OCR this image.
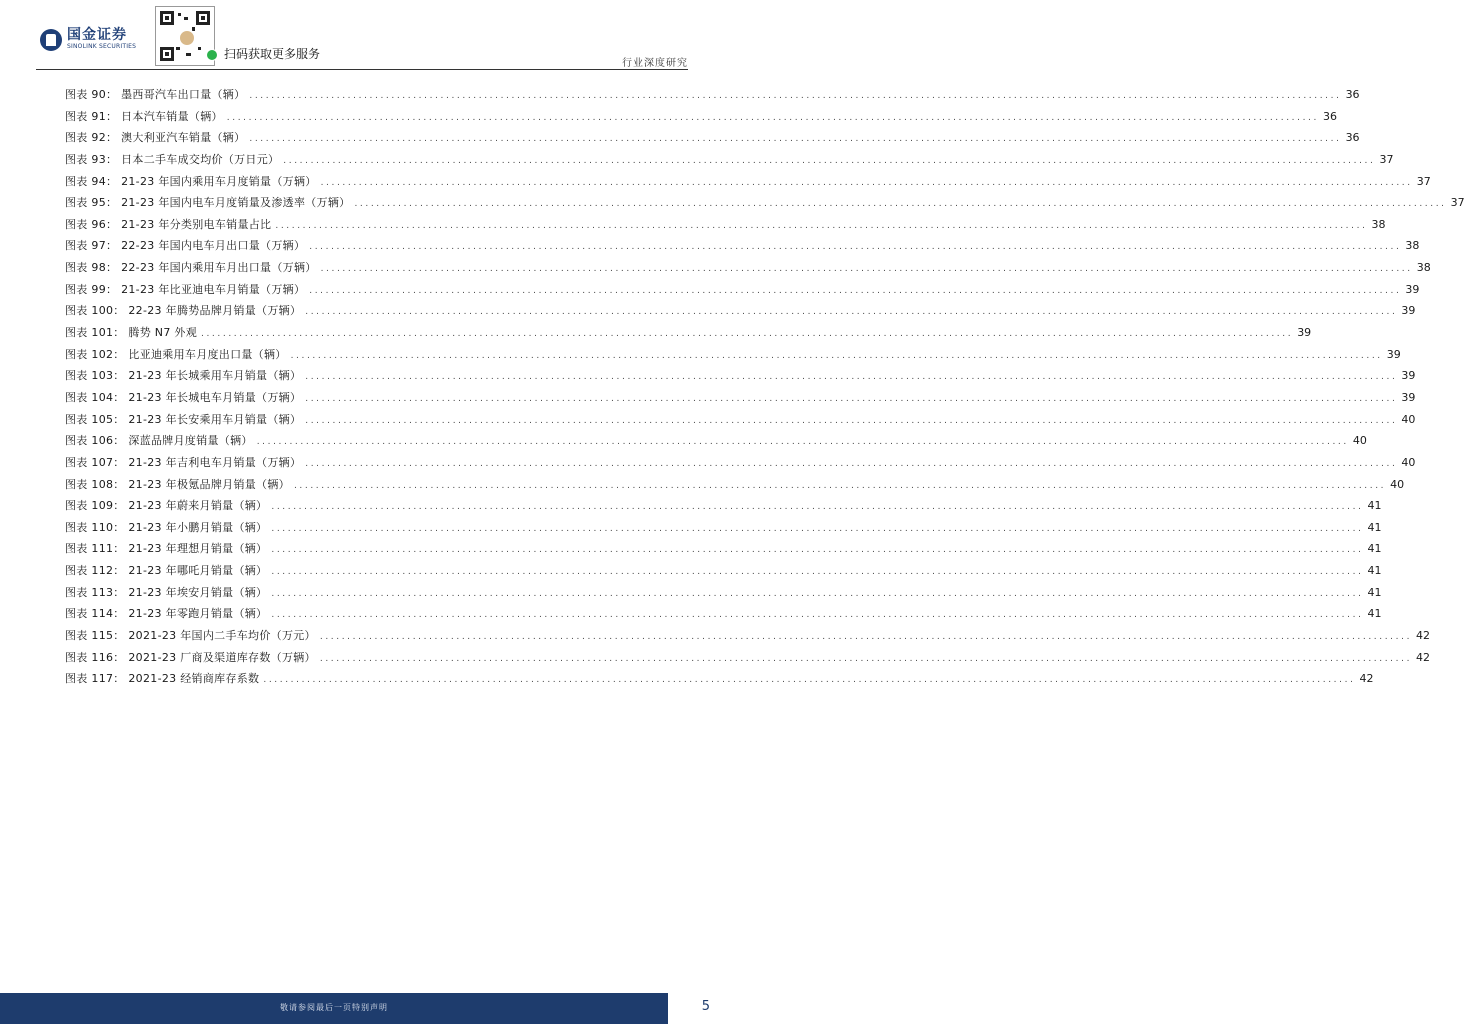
国金证券
SINOLINK SECURITIES
扫码获取更多服务
行业深度研究
图表 90： 墨西哥汽车出口量（辆） ........................................................................................................................................................................................................ 36
图表 91： 日本汽车销量（辆） ........................................................................................................................................................................................................ 36
图表 92： 澳大利亚汽车销量（辆） ........................................................................................................................................................................................................ 36
图表 93： 日本二手车成交均价（万日元） ........................................................................................................................................................................................................ 37
图表 94： 21-23 年国内乘用车月度销量（万辆） ........................................................................................................................................................................................................ 37
图表 95： 21-23 年国内电车月度销量及渗透率（万辆） ........................................................................................................................................................................................................ 37
图表 96： 21-23 年分类别电车销量占比 ........................................................................................................................................................................................................ 38
图表 97： 22-23 年国内电车月出口量（万辆） ........................................................................................................................................................................................................ 38
图表 98： 22-23 年国内乘用车月出口量（万辆） ........................................................................................................................................................................................................ 38
图表 99： 21-23 年比亚迪电车月销量（万辆） ........................................................................................................................................................................................................ 39
图表 100： 22-23 年腾势品牌月销量（万辆） ........................................................................................................................................................................................................ 39
图表 101： 腾势 N7 外观 ........................................................................................................................................................................................................ 39
图表 102： 比亚迪乘用车月度出口量（辆） ........................................................................................................................................................................................................ 39
图表 103： 21-23 年长城乘用车月销量（辆） ........................................................................................................................................................................................................ 39
图表 104： 21-23 年长城电车月销量（万辆） ........................................................................................................................................................................................................ 39
图表 105： 21-23 年长安乘用车月销量（辆） ........................................................................................................................................................................................................ 40
图表 106： 深蓝品牌月度销量（辆） ........................................................................................................................................................................................................ 40
图表 107： 21-23 年吉利电车月销量（万辆） ........................................................................................................................................................................................................ 40
图表 108： 21-23 年极氪品牌月销量（辆） ........................................................................................................................................................................................................ 40
图表 109： 21-23 年蔚来月销量（辆） ........................................................................................................................................................................................................ 41
图表 110： 21-23 年小鹏月销量（辆） ........................................................................................................................................................................................................ 41
图表 111： 21-23 年理想月销量（辆） ........................................................................................................................................................................................................ 41
图表 112： 21-23 年哪吒月销量（辆） ........................................................................................................................................................................................................ 41
图表 113： 21-23 年埃安月销量（辆） ........................................................................................................................................................................................................ 41
图表 114： 21-23 年零跑月销量（辆） ........................................................................................................................................................................................................ 41
图表 115： 2021-23 年国内二手车均价（万元） ........................................................................................................................................................................................................ 42
图表 116： 2021-23 厂商及渠道库存数（万辆） ........................................................................................................................................................................................................ 42
图表 117： 2021-23 经销商库存系数 ........................................................................................................................................................................................................ 42
敬请参阅最后一页特别声明	5
